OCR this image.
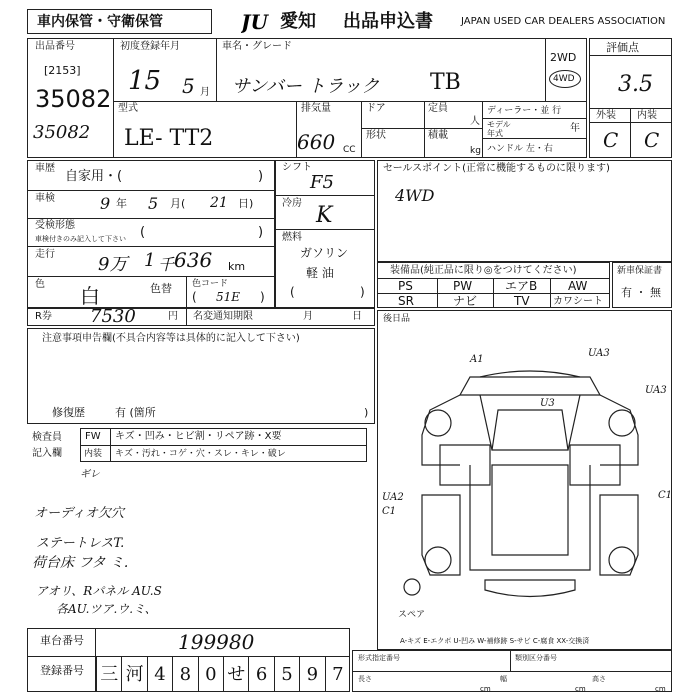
車内保管・守衛保管	JU 愛知 出品申込書	JAPAN USED CAR DEALERS ASSOCIATION
出品番号
[2153]
35082
35082
初度登録年月
15 5 月
車名・グレード
サンバー トラック TB
2WD
4WD
評価点
3.5
外装 内装
C C
型式
LE- TT2
排気量
660 CC
ドア
形状
定員
人
積載
kg
ディーラー・並 行
モデル
年式	年
ハンドル 左・右
車歴
自家用・(	)
車検	9 年 5 月( 21 日)
受検形態
車検付きのみ記入して下さい (	)
走行 9万 1 千 636 km
色 白	色替 色コード
( 51E )
シフト
F5
冷房 K
燃料
ガソリン
軽 油
(	)
セールスポイント(正常に機能するものに限ります)
4WD
装備品(純正品に限り◎をつけてください)
PS	PW	エアB	AW
SR	ナビ	TV カワシート
新車保証書
有 ・ 無
R券 7530	円 名変通知期限	月	日
注意事項申告欄(不具合内容等は具体的に記入して下さい)
修復歴	有 (箇所	)
検査員
記入欄
FW キズ・凹み・ヒビ割・リペア跡・X要
内装 キズ・汚れ・コゲ・穴・スレ・キレ・破レ
ギレ
オーディオ欠穴
ステートレスT.
荷台床 フタ ミ.
アオリ、Rパネル AU.S
各AU.ツア.ウ.ミ、
車台番号	199980
登録番号 三 河 4 8 0 せ 6 5 9 7
後日品
スペア
A1
UA3
UA3
U3
UA2
C1
C1
A-キズ E-エクボ U-凹み W-補修跡 S-サビ C-腐食 XX-交換済
形式指定番号	類別区分番号
長さ
cm
幅
cm
高さ
cm
